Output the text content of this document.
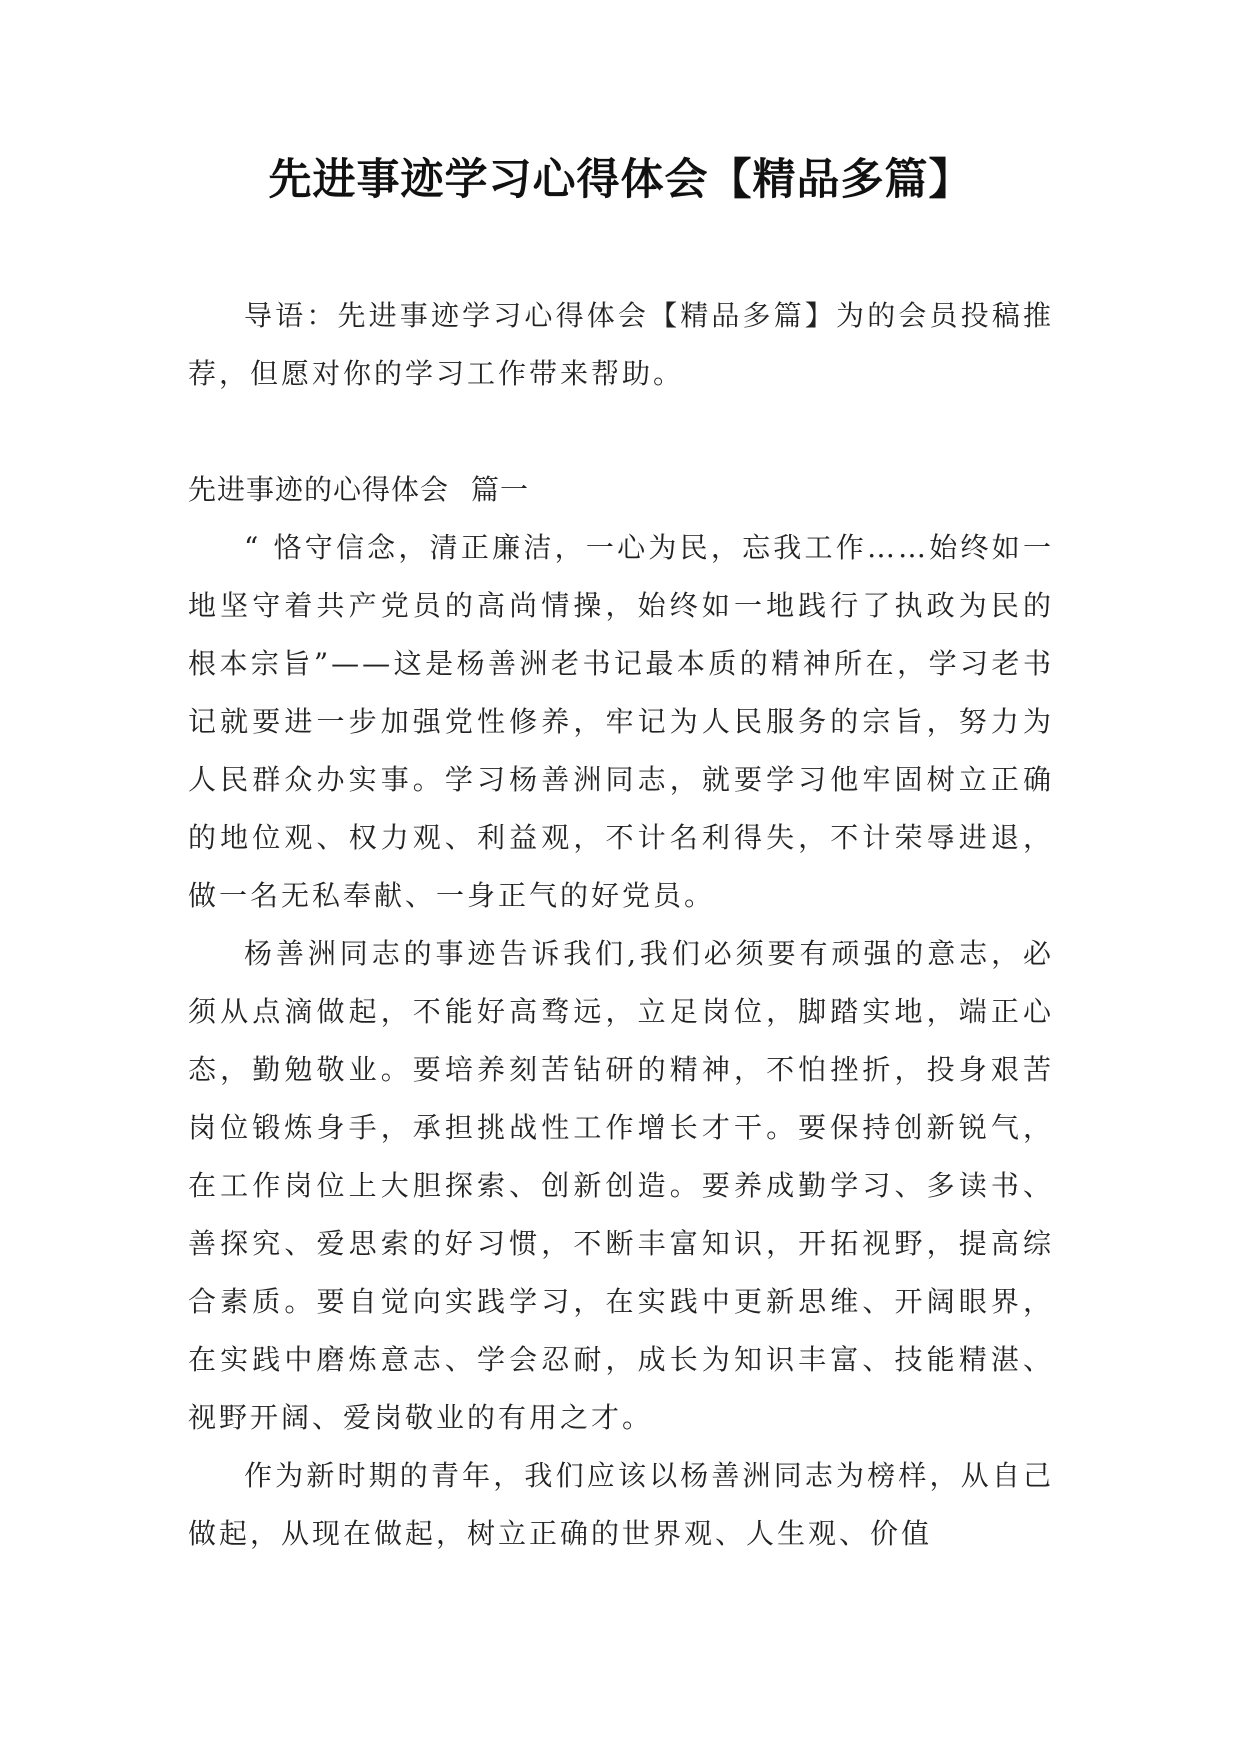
先进事迹学习心得体会【精品多篇】

导语：先进事迹学习心得体会【精品多篇】为的会员投稿推荐，但愿对你的学习工作带来帮助。

先进事迹的心得体会 篇一

“ 恪守信念，清正廉洁，一心为民，忘我工作……始终如一地坚守着共产党员的高尚情操，始终如一地践行了执政为民的根本宗旨”——这是杨善洲老书记最本质的精神所在，学习老书记就要进一步加强党性修养，牢记为人民服务的宗旨，努力为人民群众办实事。学习杨善洲同志，就要学习他牢固树立正确的地位观、权力观、利益观，不计名利得失，不计荣辱进退，做一名无私奉献、一身正气的好党员。

杨善洲同志的事迹告诉我们,我们必须要有顽强的意志，必须从点滴做起，不能好高骛远，立足岗位，脚踏实地，端正心态，勤勉敬业。要培养刻苦钻研的精神，不怕挫折，投身艰苦岗位锻炼身手，承担挑战性工作增长才干。要保持创新锐气，在工作岗位上大胆探索、创新创造。要养成勤学习、多读书、善探究、爱思索的好习惯，不断丰富知识，开拓视野，提高综合素质。要自觉向实践学习，在实践中更新思维、开阔眼界，在实践中磨炼意志、学会忍耐，成长为知识丰富、技能精湛、视野开阔、爱岗敬业的有用之才。

作为新时期的青年，我们应该以杨善洲同志为榜样，从自己做起，从现在做起，树立正确的世界观、人生观、价值
